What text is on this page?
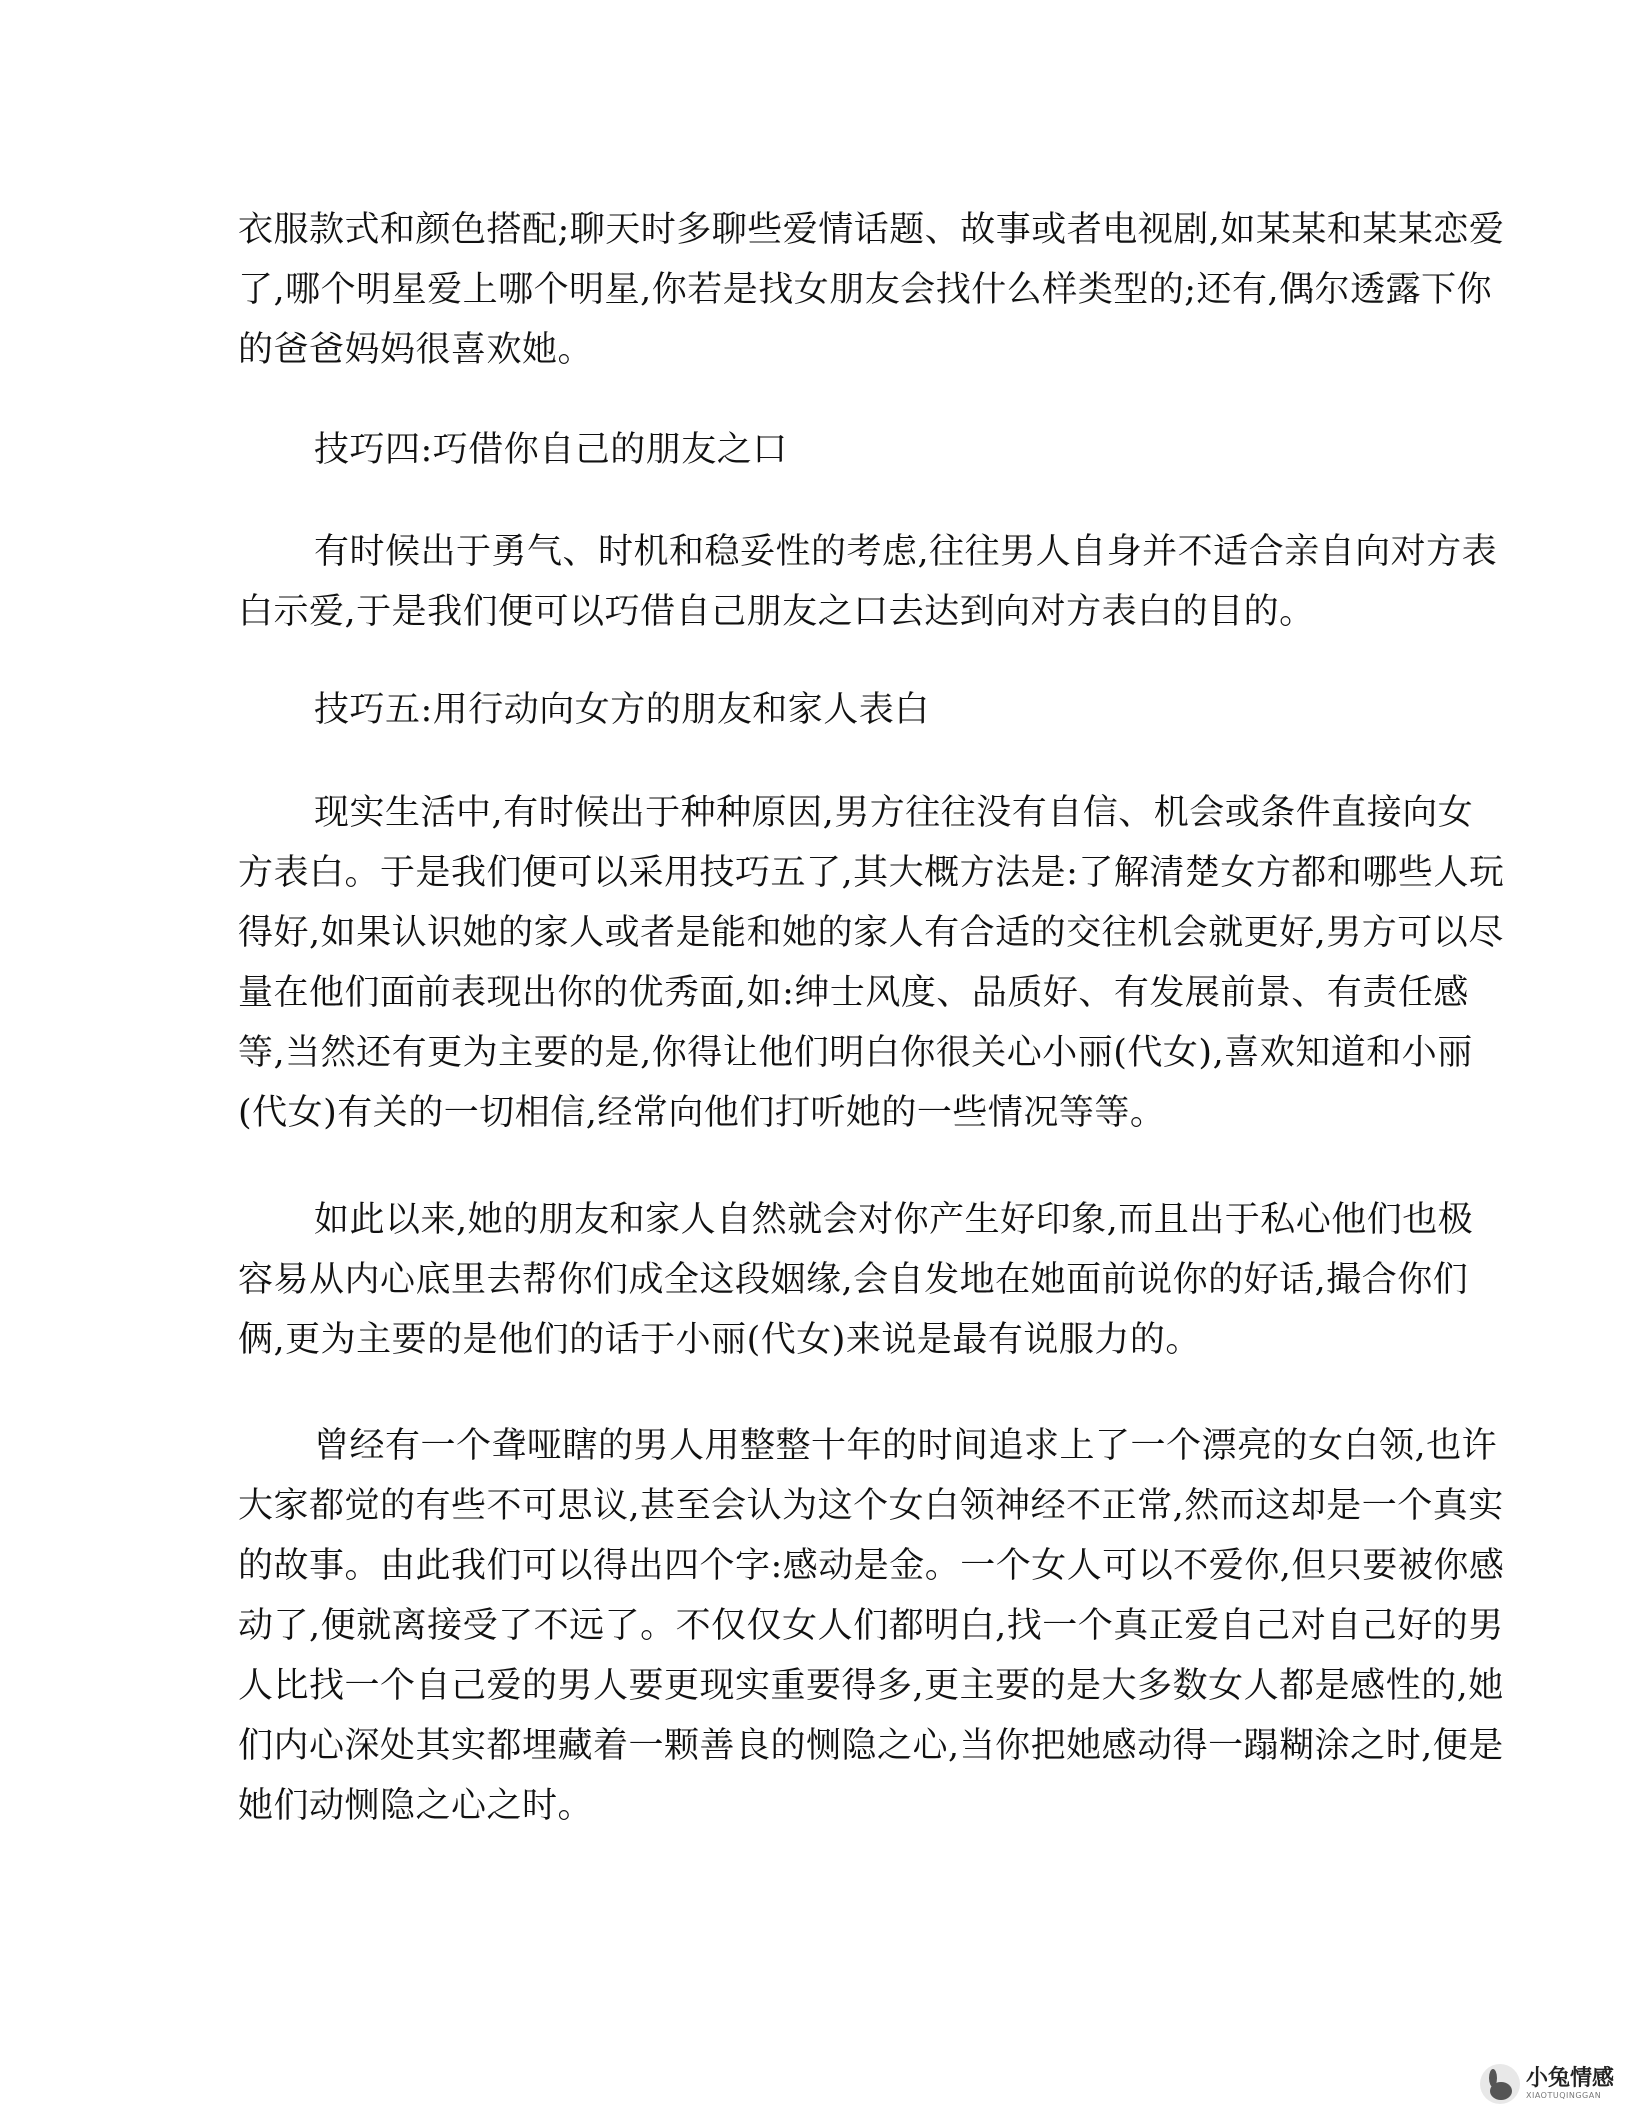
衣服款式和颜色搭配;聊天时多聊些爱情话题、故事或者电视剧,如某某和某某恋爱
了,哪个明星爱上哪个明星,你若是找女朋友会找什么样类型的;还有,偶尔透露下你
的爸爸妈妈很喜欢她。

技巧四:巧借你自己的朋友之口

有时候出于勇气、时机和稳妥性的考虑,往往男人自身并不适合亲自向对方表
白示爱,于是我们便可以巧借自己朋友之口去达到向对方表白的目的。

技巧五:用行动向女方的朋友和家人表白

现实生活中,有时候出于种种原因,男方往往没有自信、机会或条件直接向女
方表白。于是我们便可以采用技巧五了,其大概方法是:了解清楚女方都和哪些人玩
得好,如果认识她的家人或者是能和她的家人有合适的交往机会就更好,男方可以尽
量在他们面前表现出你的优秀面,如:绅士风度、品质好、有发展前景、有责任感
等,当然还有更为主要的是,你得让他们明白你很关心小丽(代女),喜欢知道和小丽
(代女)有关的一切相信,经常向他们打听她的一些情况等等。

如此以来,她的朋友和家人自然就会对你产生好印象,而且出于私心他们也极
容易从内心底里去帮你们成全这段姻缘,会自发地在她面前说你的好话,撮合你们
俩,更为主要的是他们的话于小丽(代女)来说是最有说服力的。

曾经有一个聋哑瞎的男人用整整十年的时间追求上了一个漂亮的女白领,也许
大家都觉的有些不可思议,甚至会认为这个女白领神经不正常,然而这却是一个真实
的故事。由此我们可以得出四个字:感动是金。一个女人可以不爱你,但只要被你感
动了,便就离接受了不远了。不仅仅女人们都明白,找一个真正爱自己对自己好的男
人比找一个自己爱的男人要更现实重要得多,更主要的是大多数女人都是感性的,她
们内心深处其实都埋藏着一颗善良的恻隐之心,当你把她感动得一蹋糊涂之时,便是
她们动恻隐之心之时。

小兔情感
XIAOTUQINGGAN
